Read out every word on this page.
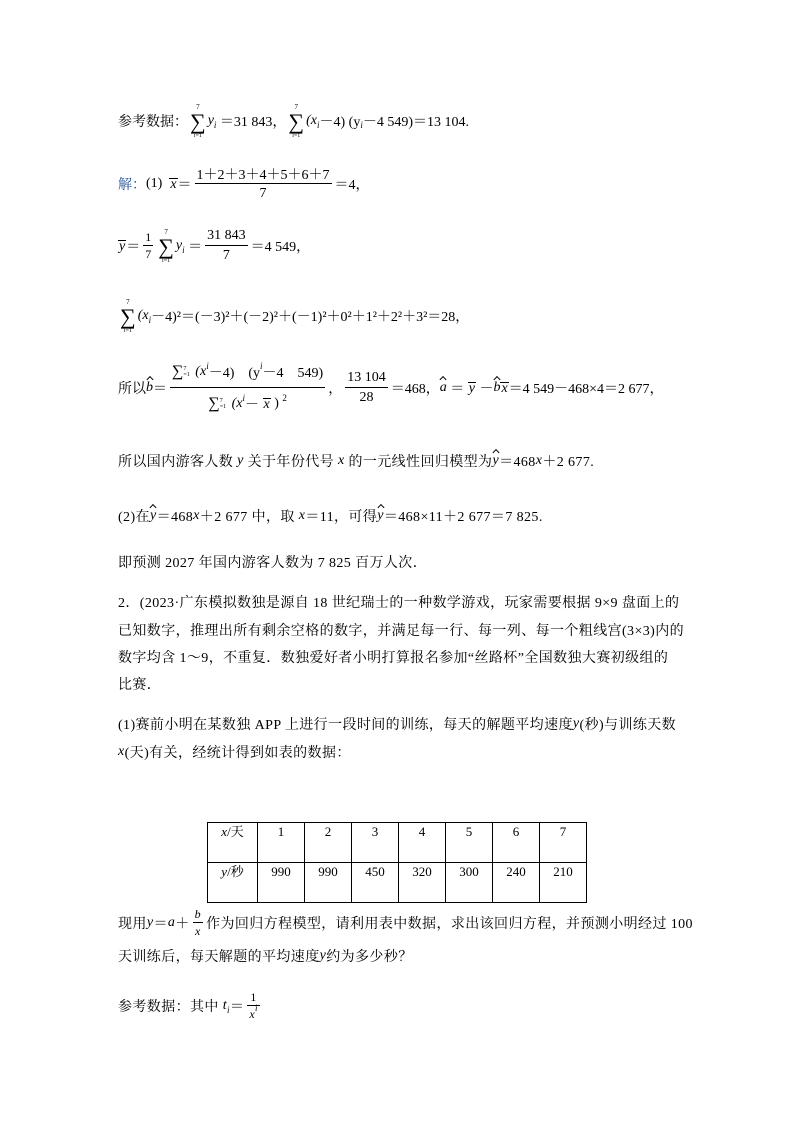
参考数据：
7
∑
i=1
y i ＝31 843，
7
∑
i=1
(x i －4) (y i －4 549)＝13 104.
解： (1) $x = \frac{1+2+3+4+5+6+7}{7} =4$，
$y = \frac{1}{7} 7$
∑
i=1
y $i = \frac{31 843}{7} =4$ 549，
7
∑
i=1
(x i －4)²＝(－3)²＋(－2)²＋(－1)²＋0²＋1²＋2²＋3²＝28，
所以 b ＝
∑ 7
=1 (x i －4)    (y i －4    549)
∑ 7
=1 (x i － x ) 2
， $\frac{13 104}{28} =468$， a ＝ y － b x ＝4 549－468×4＝2 677，
所以国内游客人数 y 关于年份代号 x 的一元线性回归模型为 y ＝468 x ＋2 677.
(2)在 y ＝468 x ＋2 677 中，取 x ＝11，可得 y ＝468×11＋2 677＝7 825.
即预测 2027 年国内游客人数为 7 825 百万人次．
2．(2023·广东模拟数独是源自 18 世纪瑞士的一种数学游戏，玩家需要根据 9×9 盘面上的
已知数字，推理出所有剩余空格的数字，并满足每一行、每一列、每一个粗线宫(3×3)内的
数字均含 1～9，不重复．数独爱好者小明打算报名参加“丝路杯”全国数独大赛初级组的
比赛．
(1)赛前小明在某数独 APP 上进行一段时间的训练，每天的解题平均速度 y (秒)与训练天数
x (天)有关，经统计得到如表的数据：
x/天	1	2	3	4	5	6	7
y/秒	990	990	450	320	300	240	210
现用 $y = a + \frac{b}{x}$ 作为回归方程模型，请利用表中数据，求出该回归方程，并预测小明经过 100
天训练后，每天解题的平均速度 y 约为多少秒？
参考数据：其中 t $i = \frac{1}{\text{x i}}$
